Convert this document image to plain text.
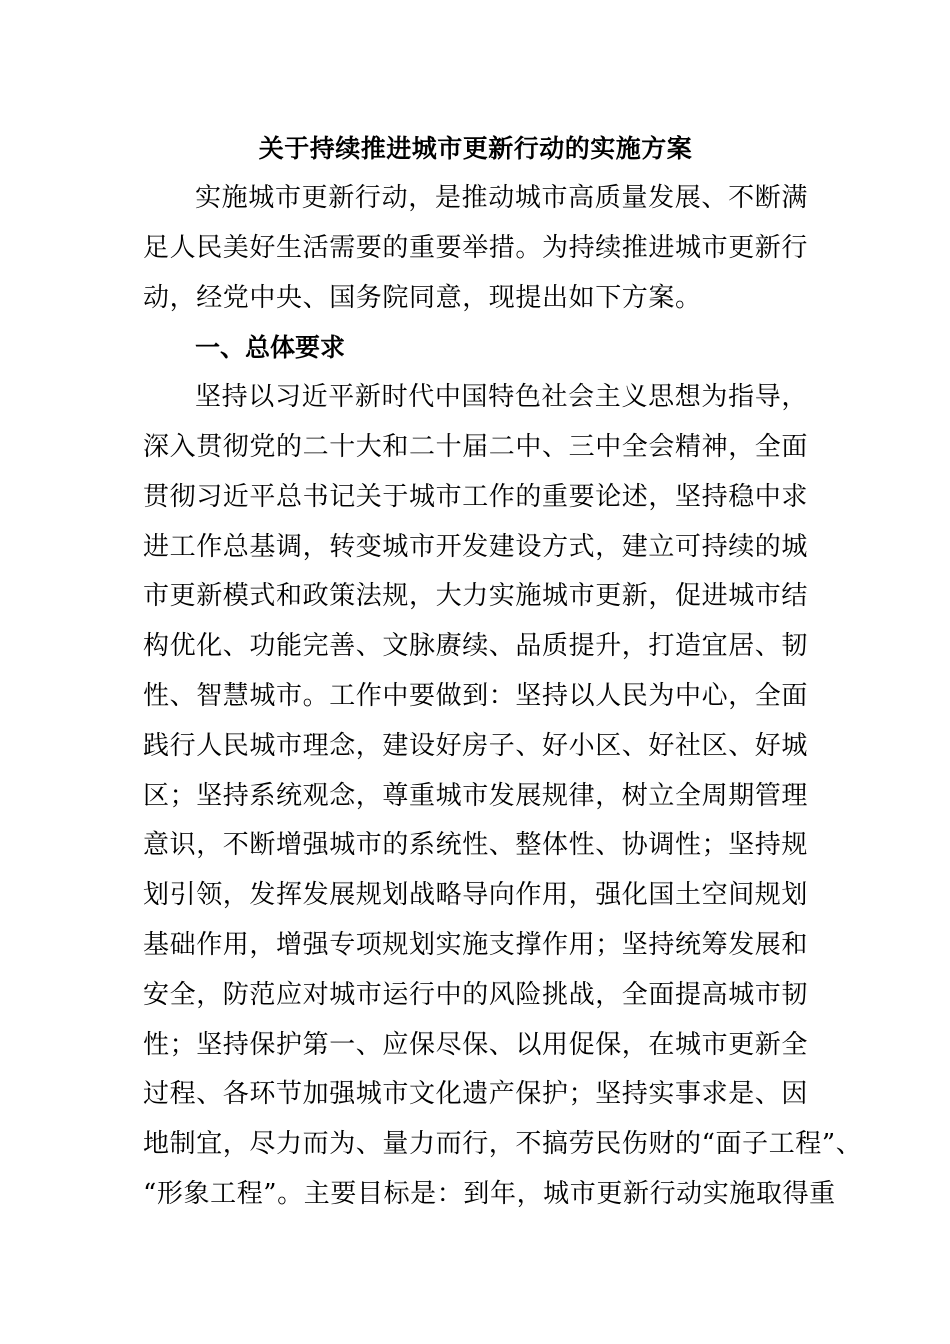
关于持续推进城市更新行动的实施方案

实施城市更新行动，是推动城市高质量发展、不断满
足人民美好生活需要的重要举措。为持续推进城市更新行
动，经党中央、国务院同意，现提出如下方案。

一、总体要求

坚持以习近平新时代中国特色社会主义思想为指导，
深入贯彻党的二十大和二十届二中、三中全会精神，全面
贯彻习近平总书记关于城市工作的重要论述，坚持稳中求
进工作总基调，转变城市开发建设方式，建立可持续的城
市更新模式和政策法规，大力实施城市更新，促进城市结
构优化、功能完善、文脉赓续、品质提升，打造宜居、韧
性、智慧城市。工作中要做到：坚持以人民为中心，全面
践行人民城市理念，建设好房子、好小区、好社区、好城
区；坚持系统观念，尊重城市发展规律，树立全周期管理
意识，不断增强城市的系统性、整体性、协调性；坚持规
划引领，发挥发展规划战略导向作用，强化国土空间规划
基础作用，增强专项规划实施支撑作用；坚持统筹发展和
安全，防范应对城市运行中的风险挑战，全面提高城市韧
性；坚持保护第一、应保尽保、以用促保，在城市更新全
过程、各环节加强城市文化遗产保护；坚持实事求是、因
地制宜，尽力而为、量力而行，不搞劳民伤财的“面子工程”、
“形象工程”。主要目标是：到年，城市更新行动实施取得重
